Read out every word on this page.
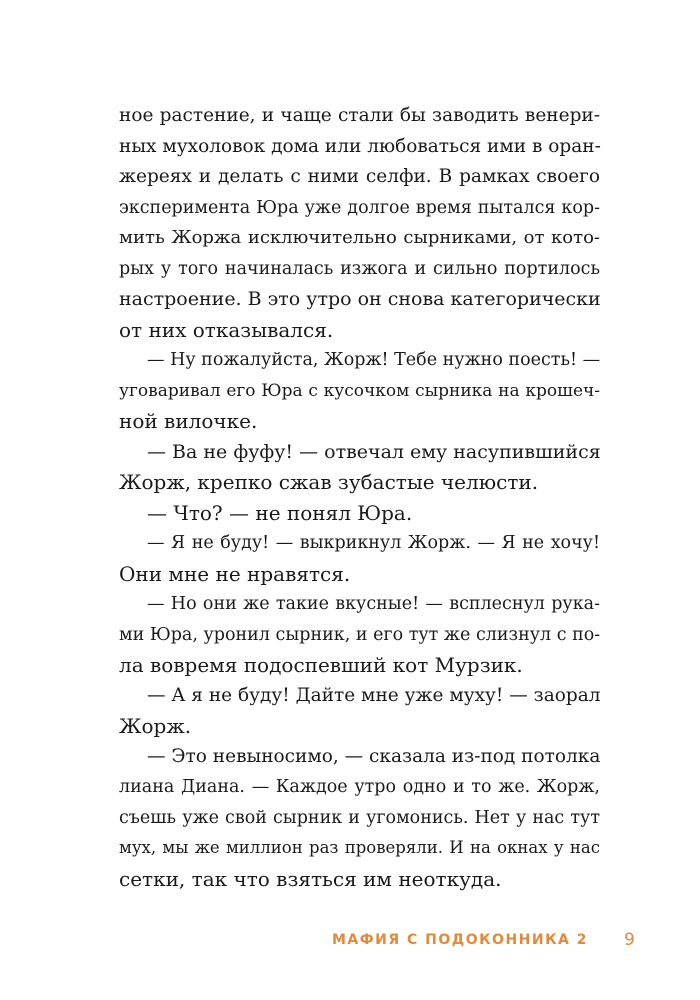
ное растение, и чаще стали бы заводить венери-
ных мухоловок дома или любоваться ими в оран-
жереях и делать с ними селфи. В рамках своего
эксперимента Юра уже долгое время пытался кор-
мить Жоржа исключительно сырниками, от кото-
рых у того начиналась изжога и сильно портилось
настроение. В это утро он снова категорически
от них отказывался.
— Ну пожалуйста, Жорж! Тебе нужно поесть! —
уговаривал его Юра с кусочком сырника на крошеч-
ной вилочке.
— Ва не фуфу! — отвечал ему насупившийся
Жорж, крепко сжав зубастые челюсти.
— Что? — не понял Юра.
— Я не буду! — выкрикнул Жорж. — Я не хочу!
Они мне не нравятся.
— Но они же такие вкусные! — всплеснул рука-
ми Юра, уронил сырник, и его тут же слизнул с по-
ла вовремя подоспевший кот Мурзик.
— А я не буду! Дайте мне уже муху! — заорал
Жорж.
— Это невыносимо, — сказала из-под потолка
лиана Диана. — Каждое утро одно и то же. Жорж,
съешь уже свой сырник и угомонись. Нет у нас тут
мух, мы же миллион раз проверяли. И на окнах у нас
сетки, так что взяться им неоткуда.
МАФИЯ С ПОДОКОННИКА 2 9
